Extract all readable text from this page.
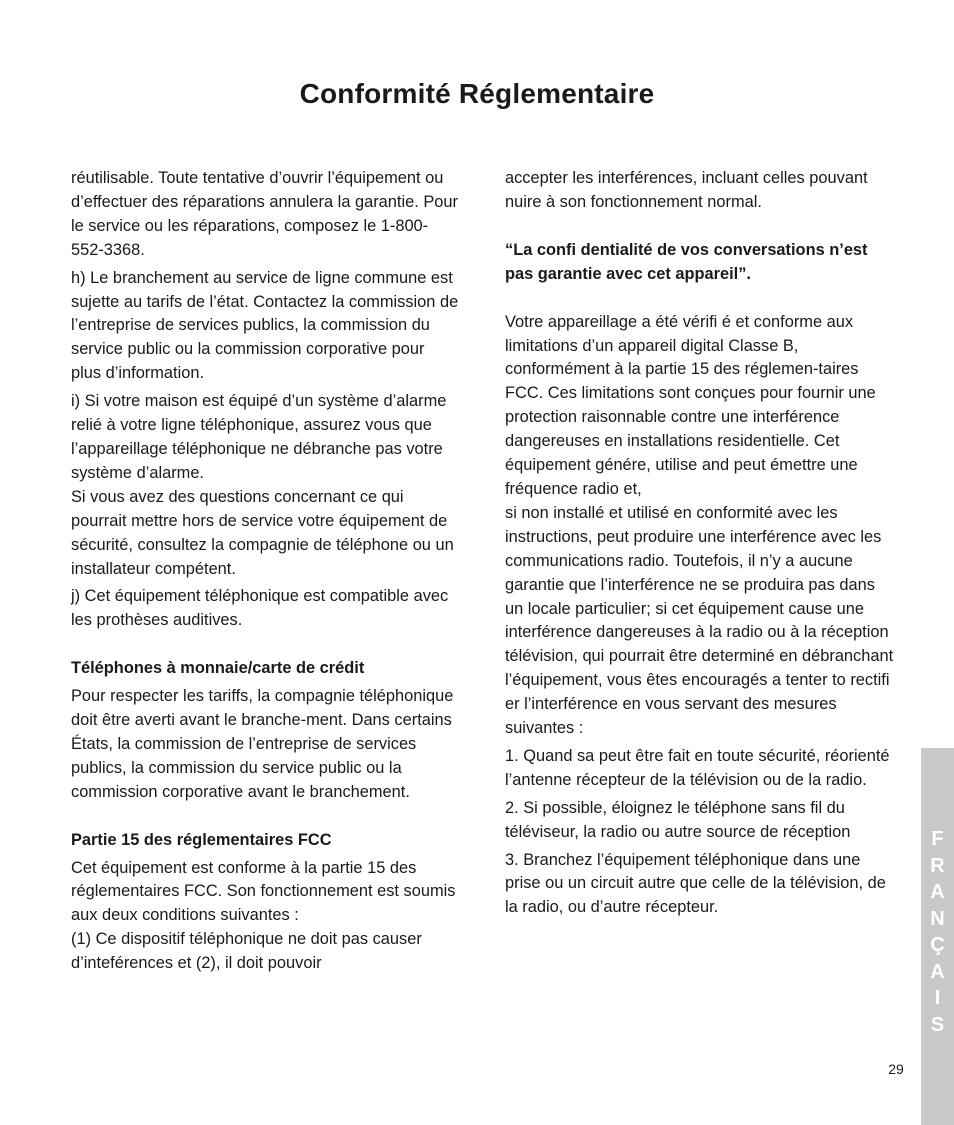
Conformité Réglementaire

réutilisable. Toute tentative d’ouvrir l’équipement ou d’effectuer des réparations annulera la garantie. Pour le service ou les réparations, composez le 1-800-552-3368.

h) Le branchement au service de ligne commune est sujette au tarifs de l’état. Contactez la commission de l’entreprise de services publics, la commission du service public ou la commission corporative pour plus d’information.

i) Si votre maison est équipé d’un système d’alarme relié à votre ligne téléphonique, assurez vous que l’appareillage téléphonique ne débranche pas votre système d’alarme.

Si vous avez des questions concernant ce qui pourrait mettre hors de service votre équipement de sécurité, consultez la compagnie de téléphone ou un installateur compétent.

j) Cet équipement téléphonique est compatible avec les prothèses auditives.

Téléphones à monnaie/carte de crédit

Pour respecter les tariffs, la compagnie téléphonique doit être averti avant le branche-ment. Dans certains États, la commission de l’entreprise de services publics, la commission du service public ou la commission corporative avant le branchement.

Partie 15 des réglementaires FCC

Cet équipement est conforme à la partie 15 des réglementaires FCC. Son fonctionnement est soumis aux deux conditions suivantes :

(1) Ce dispositif téléphonique ne doit pas causer d’inteférences et (2), il doit pouvoir

accepter les interférences, incluant celles pouvant nuire à son fonctionnement normal.

“La confi dentialité de vos conversations n’est pas garantie avec cet appareil”.

Votre appareillage a été vérifi é et conforme aux limitations d’un appareil digital Classe B, conformément à la partie 15 des réglemen-taires FCC. Ces limitations sont conçues pour fournir une protection raisonnable contre une interférence dangereuses en installations residentielle. Cet équipement génére, utilise and peut émettre une fréquence radio et,

si non installé et utilisé en conformité avec les instructions, peut produire une interférence avec les communications radio. Toutefois, il n’y a aucune garantie que l’interférence ne se produira pas dans un locale particulier; si cet équipement cause une interférence dangereuses à la radio ou à la réception télévision, qui pourrait être determiné en débranchant l’équipement, vous êtes encouragés a tenter to rectifi er l’interférence en vous servant des mesures suivantes :

1. Quand sa peut être fait en toute sécurité, réorienté l’antenne récepteur de la télévision ou de la radio.

2. Si possible, éloignez le téléphone sans fil du téléviseur, la radio ou autre source de réception

3. Branchez l’équipement téléphonique dans une prise ou un circuit autre que celle de la télévision, de la radio, ou d’autre récepteur.

F
R
A
N
Ç
A
I
S
29
